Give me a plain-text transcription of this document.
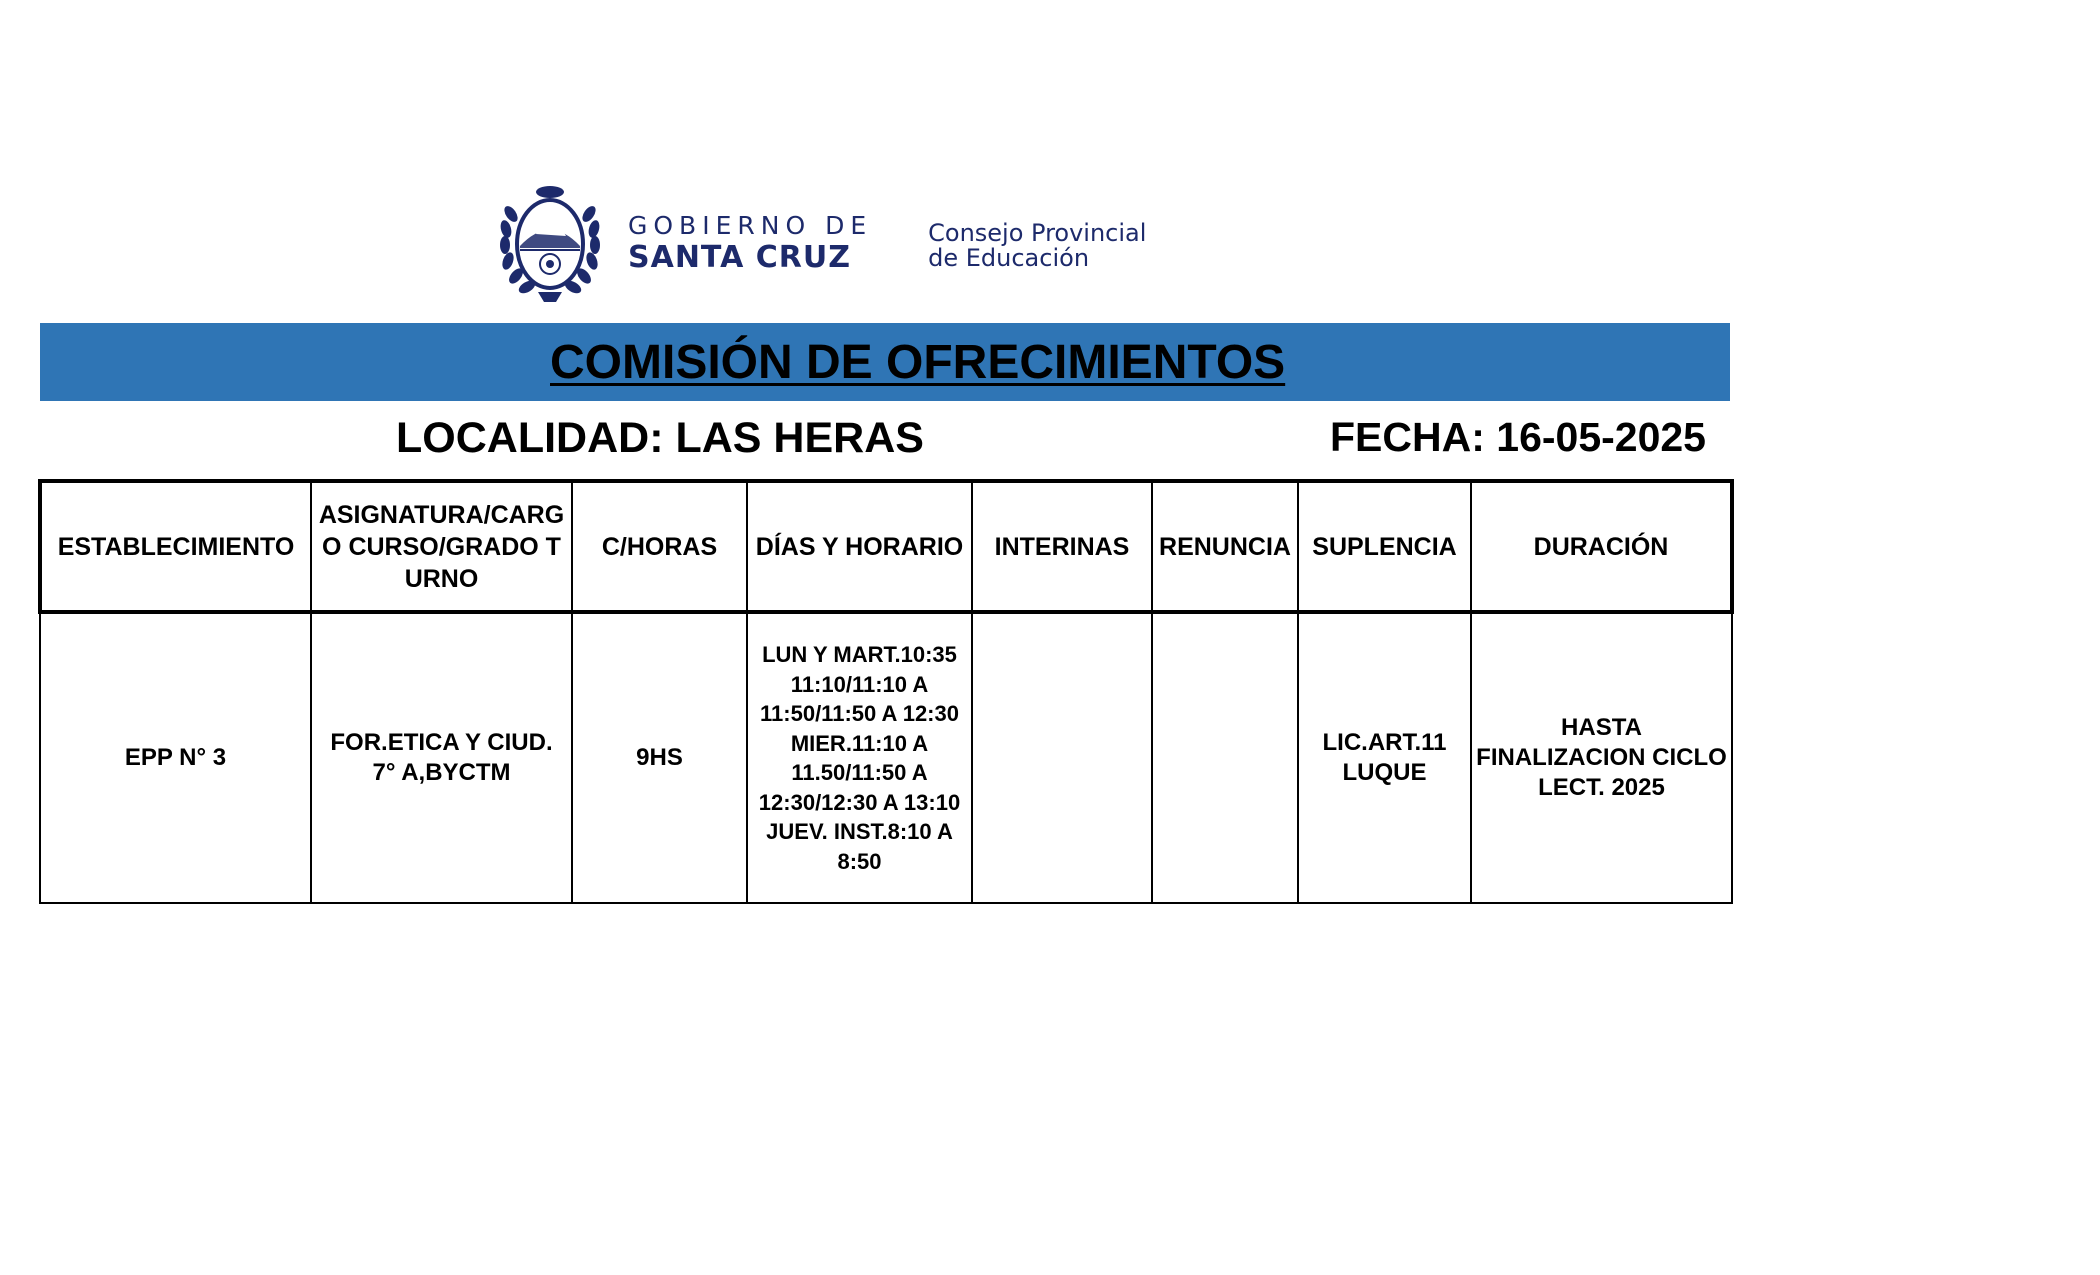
GOBIERNO DE
SANTA CRUZ
Consejo Provincial
de Educación
COMISIÓN DE OFRECIMIENTOS
LOCALIDAD: LAS HERAS	FECHA: 16-05-2025
ESTABLECIMIENTO	ASIGNATURA/CARGO CURSO/GRADO TURNO	C/HORAS	DÍAS Y HORARIO	INTERINAS	RENUNCIA	SUPLENCIA	DURACIÓN
EPP N° 3	FOR.ETICA Y CIUD. 7° A,BYCTM	9HS	LUN Y MART.10:35 11:10/11:10 A 11:50/11:50 A 12:30 MIER.11:10 A 11.50/11:50 A 12:30/12:30 A 13:10 JUEV. INST.8:10 A 8:50			LIC.ART.11 LUQUE	HASTA FINALIZACION CICLO LECT. 2025
